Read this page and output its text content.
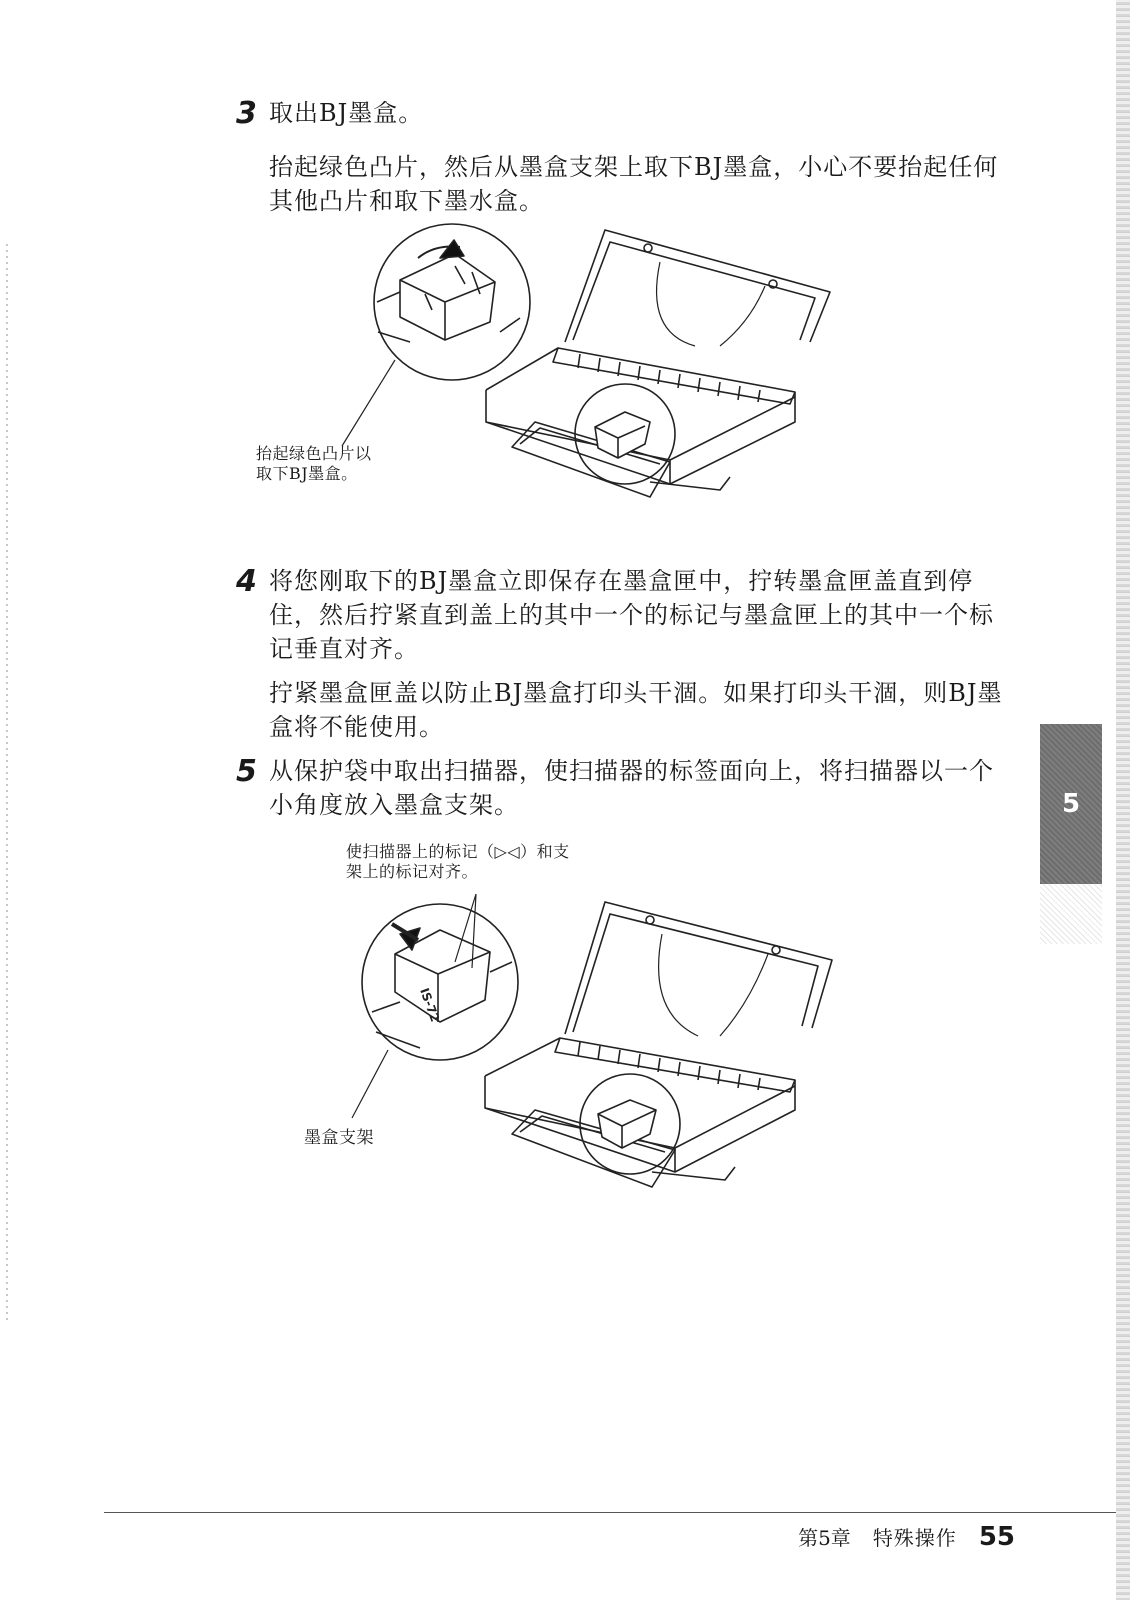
3 取出BJ墨盒。
抬起绿色凸片，然后从墨盒支架上取下BJ墨盒，小心不要抬起任何其他凸片和取下墨水盒。
抬起绿色凸片以
取下BJ墨盒。
4 将您刚取下的BJ墨盒立即保存在墨盒匣中，拧转墨盒匣盖直到停住，然后拧紧直到盖上的其中一个的标记与墨盒匣上的其中一个标记垂直对齐。
拧紧墨盒匣盖以防止BJ墨盒打印头干涸。如果打印头干涸，则BJ墨盒将不能使用。
5 从保护袋中取出扫描器，使扫描器的标签面向上，将扫描器以一个小角度放入墨盒支架。
使扫描器上的标记（▷◁）和支
架上的标记对齐。
IS-72
墨盒支架
5
第5章 特殊操作 55
